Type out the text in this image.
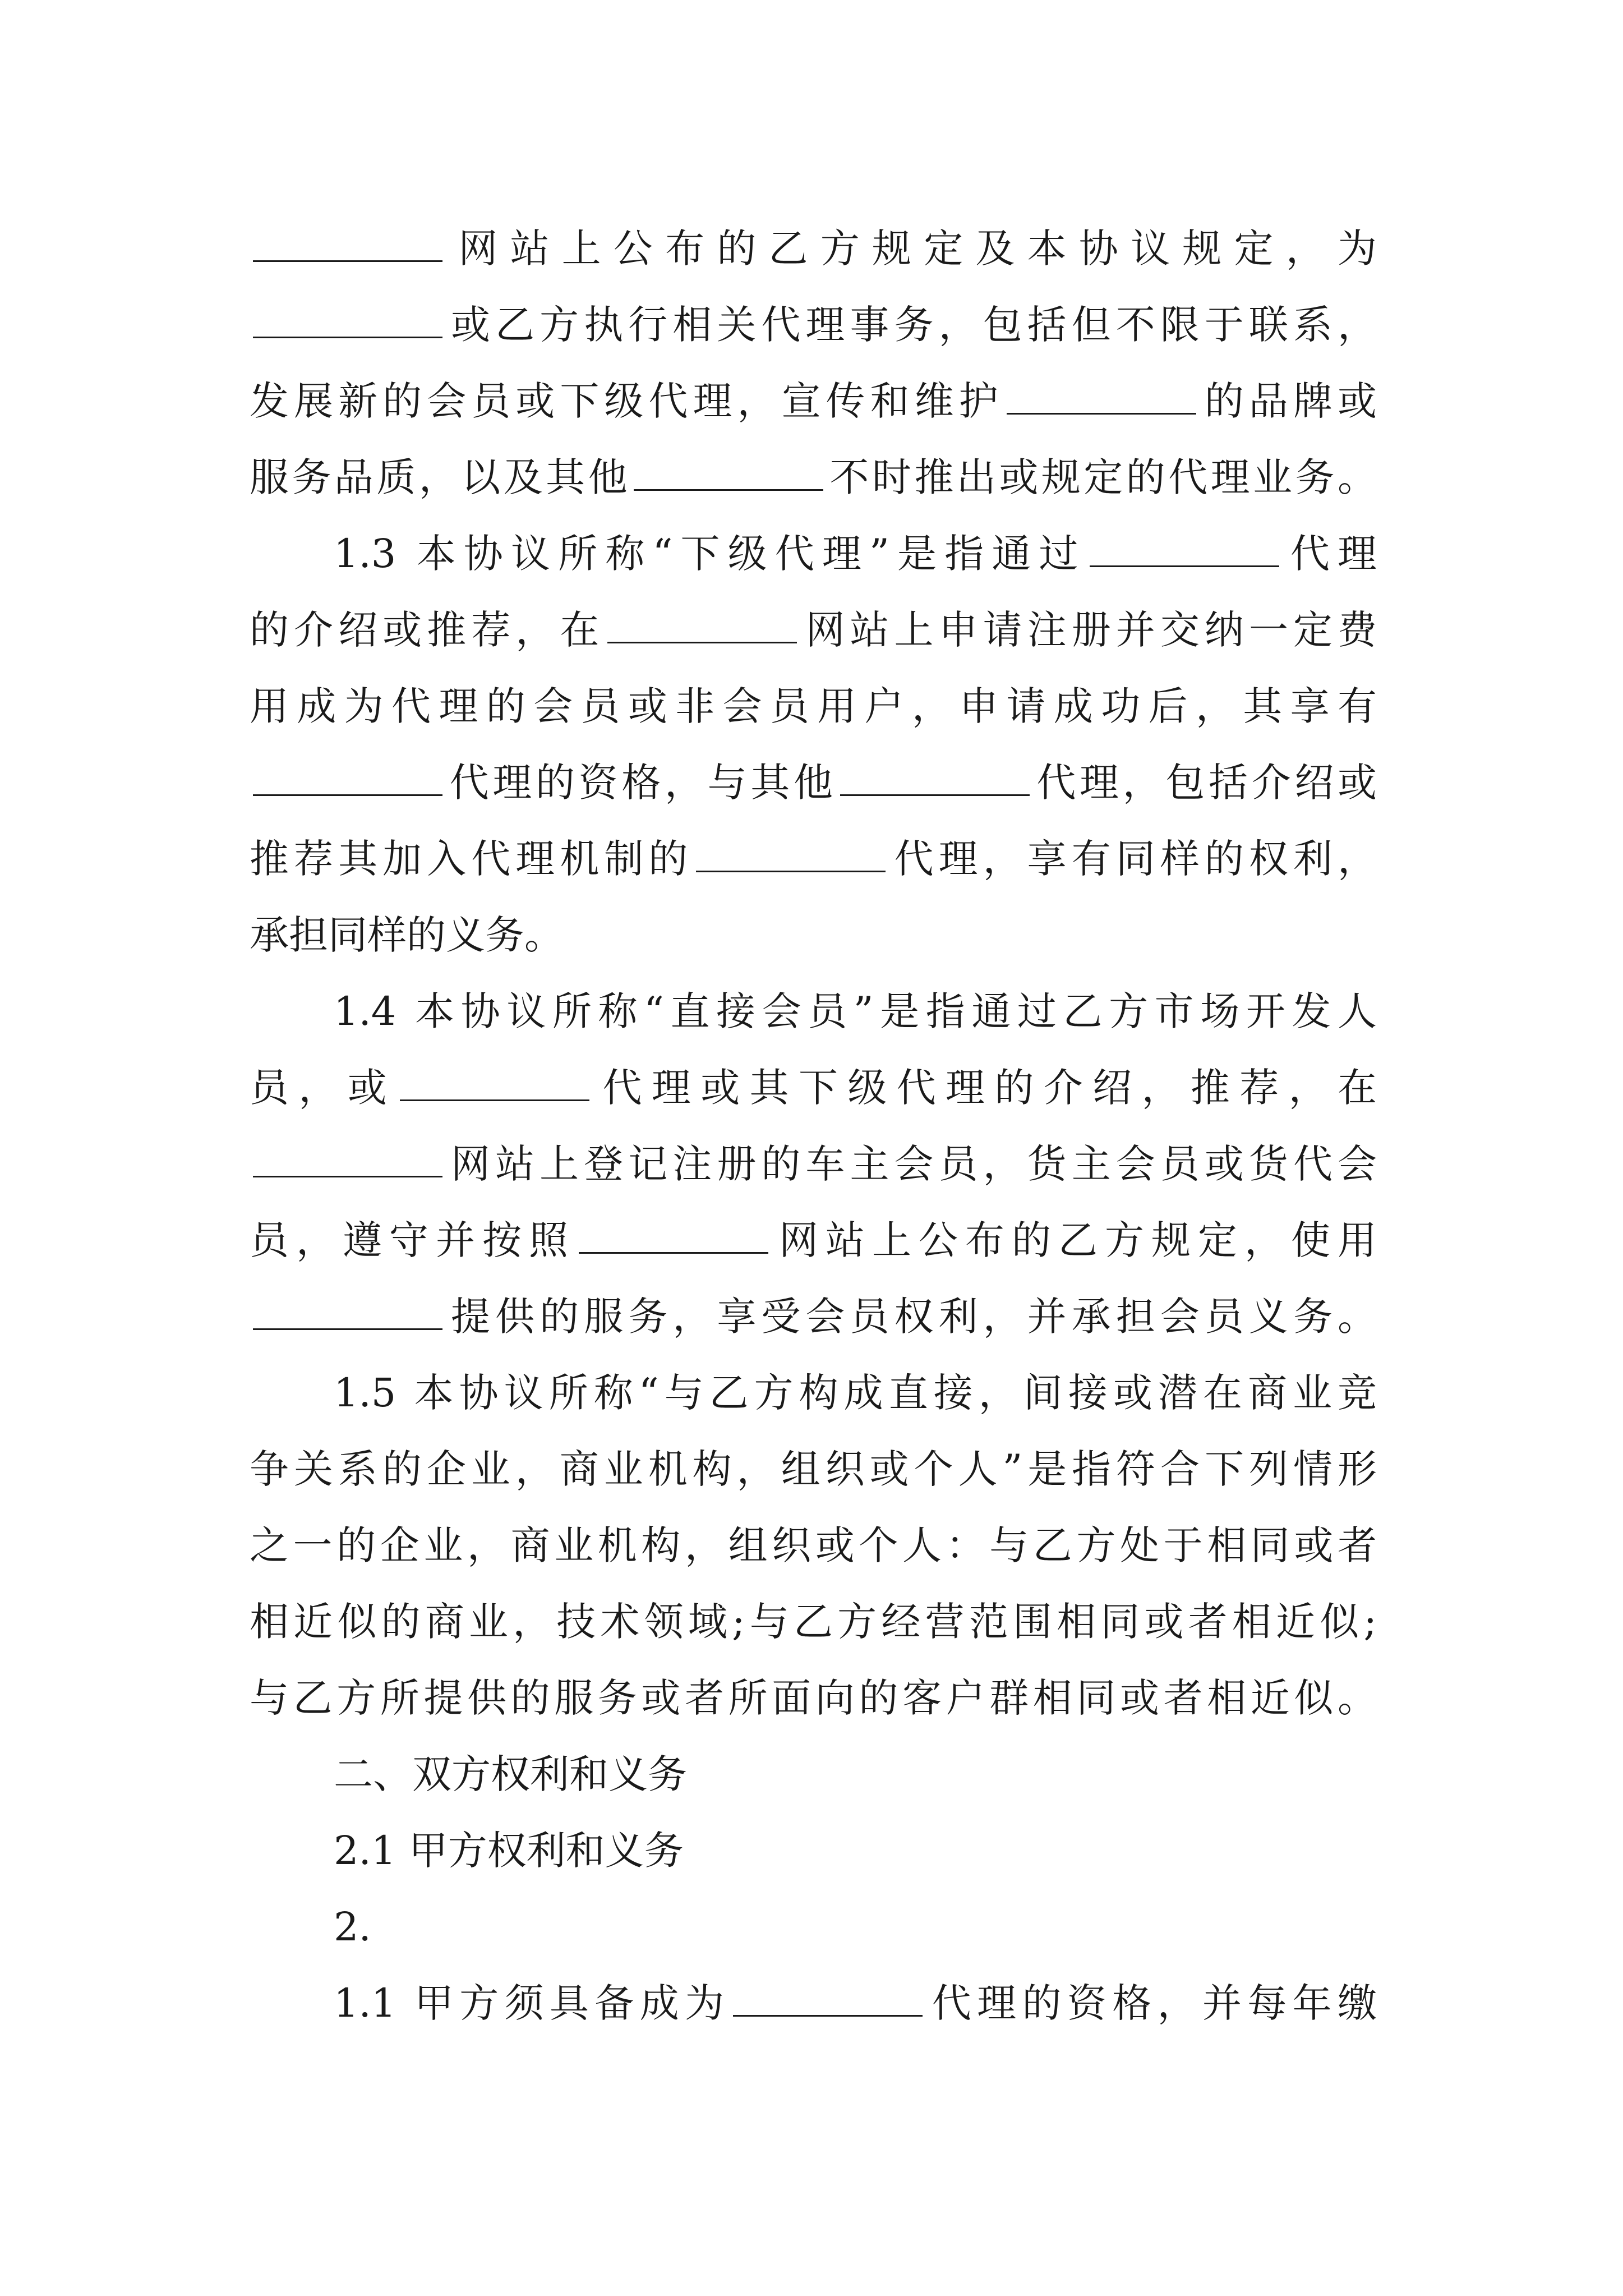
网站上公布的乙方规定及本协议规定，为
或乙方执行相关代理事务，包括但不限于联系，
发展新的会员或下级代理，宣传和维护	的品牌或
服务品质，以及其他	不时推出或规定的代理业务。
1.3 本协议所称“下级代理”是指通过	代理
的介绍或推荐，在	网站上申请注册并交纳一定费
用成为代理的会员或非会员用户，申请成功后，其享有
代理的资格，与其他	代理，包括介绍或
推荐其加入代理机制的	代理，享有同样的权利，
承担同样的义务。
1.4 本协议所称“直接会员”是指通过乙方市场开发人
员，或	代理或其下级代理的介绍，推荐，在
网站上登记注册的车主会员，货主会员或货代会
员，遵守并按照	网站上公布的乙方规定，使用
提供的服务，享受会员权利，并承担会员义务。
1.5 本协议所称“与乙方构成直接，间接或潜在商业竞
争关系的企业，商业机构，组织或个人”是指符合下列情形
之一的企业，商业机构，组织或个人：与乙方处于相同或者
相近似的商业，技术领域;与乙方经营范围相同或者相近似;
与乙方所提供的服务或者所面向的客户群相同或者相近似。
二、双方权利和义务
2.1 甲方权利和义务
2.
1.1 甲方须具备成为	代理的资格，并每年缴
